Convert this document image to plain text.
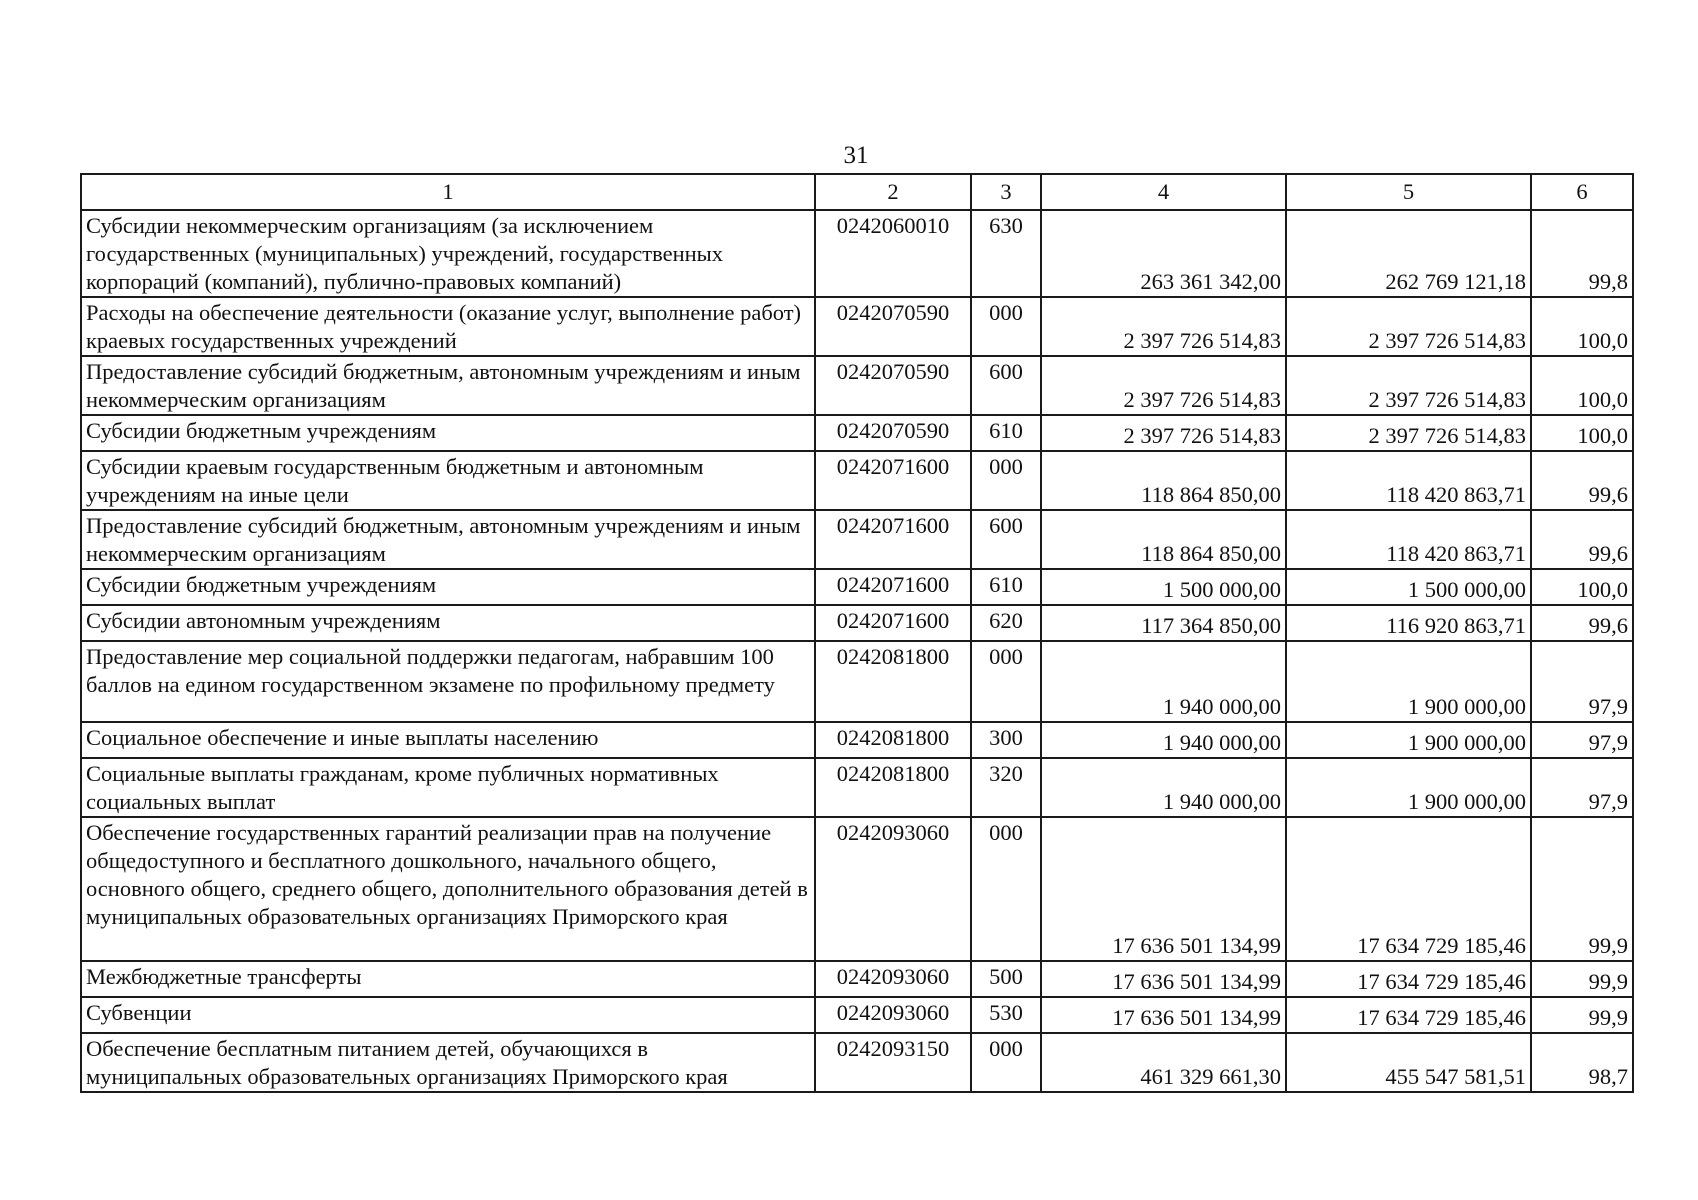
31
1	2	3	4	5	6
Субсидии некоммерческим организациям (за исключением государственных (муниципальных) учреждений, государственных корпораций (компаний), публично-правовых компаний)	0242060010	630	263 361 342,00	262 769 121,18	99,8
Расходы на обеспечение деятельности (оказание услуг, выполнение работ) краевых государственных учреждений	0242070590	000	2 397 726 514,83	2 397 726 514,83	100,0
Предоставление субсидий бюджетным, автономным учреждениям и иным некоммерческим организациям	0242070590	600	2 397 726 514,83	2 397 726 514,83	100,0
Субсидии бюджетным учреждениям	0242070590	610	2 397 726 514,83	2 397 726 514,83	100,0
Субсидии краевым государственным бюджетным и автономным учреждениям на иные цели	0242071600	000	118 864 850,00	118 420 863,71	99,6
Предоставление субсидий бюджетным, автономным учреждениям и иным некоммерческим организациям	0242071600	600	118 864 850,00	118 420 863,71	99,6
Субсидии бюджетным учреждениям	0242071600	610	1 500 000,00	1 500 000,00	100,0
Субсидии автономным учреждениям	0242071600	620	117 364 850,00	116 920 863,71	99,6
Предоставление мер социальной поддержки педагогам, набравшим 100 баллов на едином государственном экзамене по профильному предмету	0242081800	000	1 940 000,00	1 900 000,00	97,9
Социальное обеспечение и иные выплаты населению	0242081800	300	1 940 000,00	1 900 000,00	97,9
Социальные выплаты гражданам, кроме публичных нормативных социальных выплат	0242081800	320	1 940 000,00	1 900 000,00	97,9
Обеспечение государственных гарантий реализации прав на получение общедоступного и бесплатного дошкольного, начального общего, основного общего, среднего общего, дополнительного образования детей в муниципальных образовательных организациях Приморского края	0242093060	000	17 636 501 134,99	17 634 729 185,46	99,9
Межбюджетные трансферты	0242093060	500	17 636 501 134,99	17 634 729 185,46	99,9
Субвенции	0242093060	530	17 636 501 134,99	17 634 729 185,46	99,9
Обеспечение бесплатным питанием детей, обучающихся в муниципальных образовательных организациях Приморского края	0242093150	000	461 329 661,30	455 547 581,51	98,7
